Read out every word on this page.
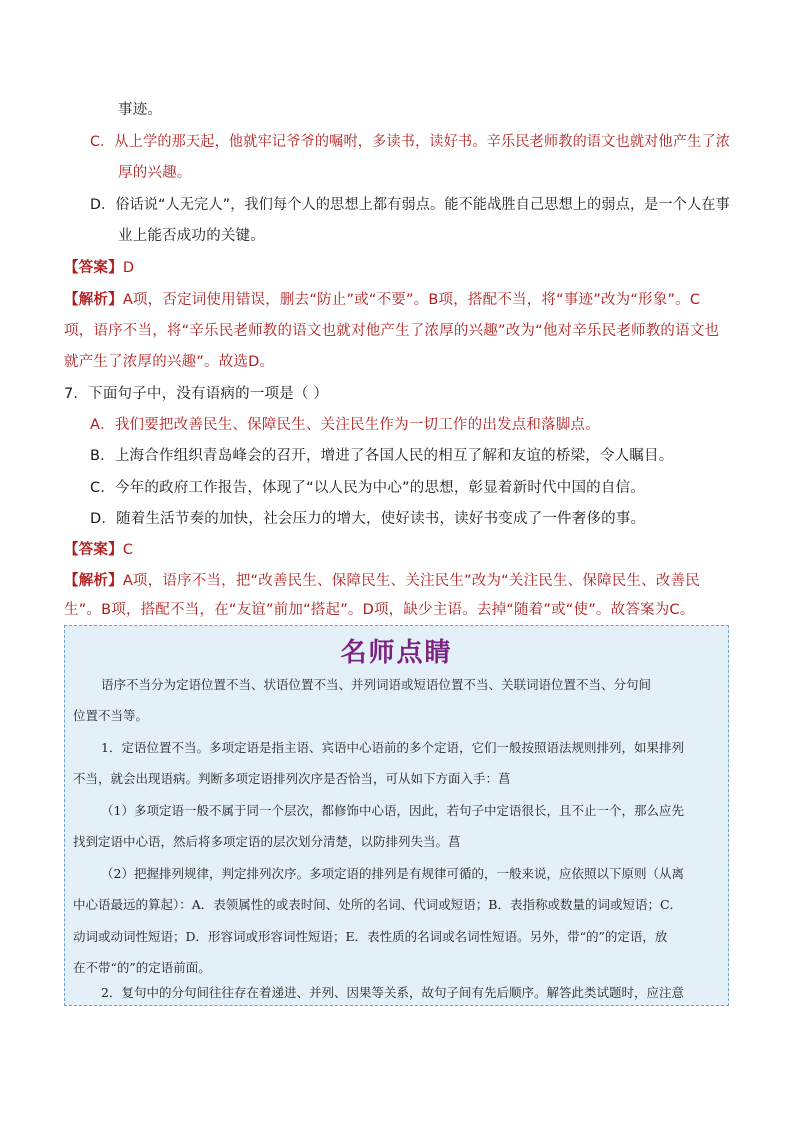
事迹。
C．从上学的那天起，他就牢记爷爷的嘱咐，多读书，读好书。辛乐民老师教的语文也就对他产生了浓
厚的兴趣。
D．俗话说“人无完人”，我们每个人的思想上都有弱点。能不能战胜自己思想上的弱点，是一个人在事
业上能否成功的关键。
【答案】D
【解析】A项，否定词使用错误，删去“防止”或“不要”。B项，搭配不当，将“事迹”改为“形象”。C
项，语序不当，将“辛乐民老师教的语文也就对他产生了浓厚的兴趣”改为“他对辛乐民老师教的语文也
就产生了浓厚的兴趣”。故选D。
7．下面句子中，没有语病的一项是（ ）
A．我们要把改善民生、保障民生、关注民生作为一切工作的出发点和落脚点。
B．上海合作组织青岛峰会的召开，增进了各国人民的相互了解和友谊的桥梁，令人瞩目。
C．今年的政府工作报告，体现了“以人民为中心”的思想，彰显着新时代中国的自信。
D．随着生活节奏的加快，社会压力的增大，使好读书，读好书变成了一件奢侈的事。
【答案】C
【解析】A项，语序不当，把“改善民生、保障民生、关注民生”改为“关注民生、保障民生、改善民
生”。B项，搭配不当，在“友谊”前加“搭起”。D项，缺少主语。去掉“随着”或“使”。故答案为C。
名师点睛
语序不当分为定语位置不当、状语位置不当、并列词语或短语位置不当、关联词语位置不当、分句间
位置不当等。
1．定语位置不当。多项定语是指主语、宾语中心语前的多个定语，它们一般按照语法规则排列，如果排列
不当，就会出现语病。判断多项定语排列次序是否恰当，可从如下方面入手：菖
（1）多项定语一般不属于同一个层次，都修饰中心语，因此，若句子中定语很长，且不止一个，那么应先
找到定语中心语，然后将多项定语的层次划分清楚，以防排列失当。菖
（2）把握排列规律，判定排列次序。多项定语的排列是有规律可循的，一般来说，应依照以下原则（从离
中心语最远的算起）：A．表领属性的或表时间、处所的名词、代词或短语；B．表指称或数量的词或短语；C．
动词或动词性短语；D．形容词或形容词性短语；E．表性质的名词或名词性短语。另外，带“的”的定语，放
在不带“的”的定语前面。
2．复句中的分句间往往存在着递进、并列、因果等关系，故句子间有先后顺序。解答此类试题时，应注意
